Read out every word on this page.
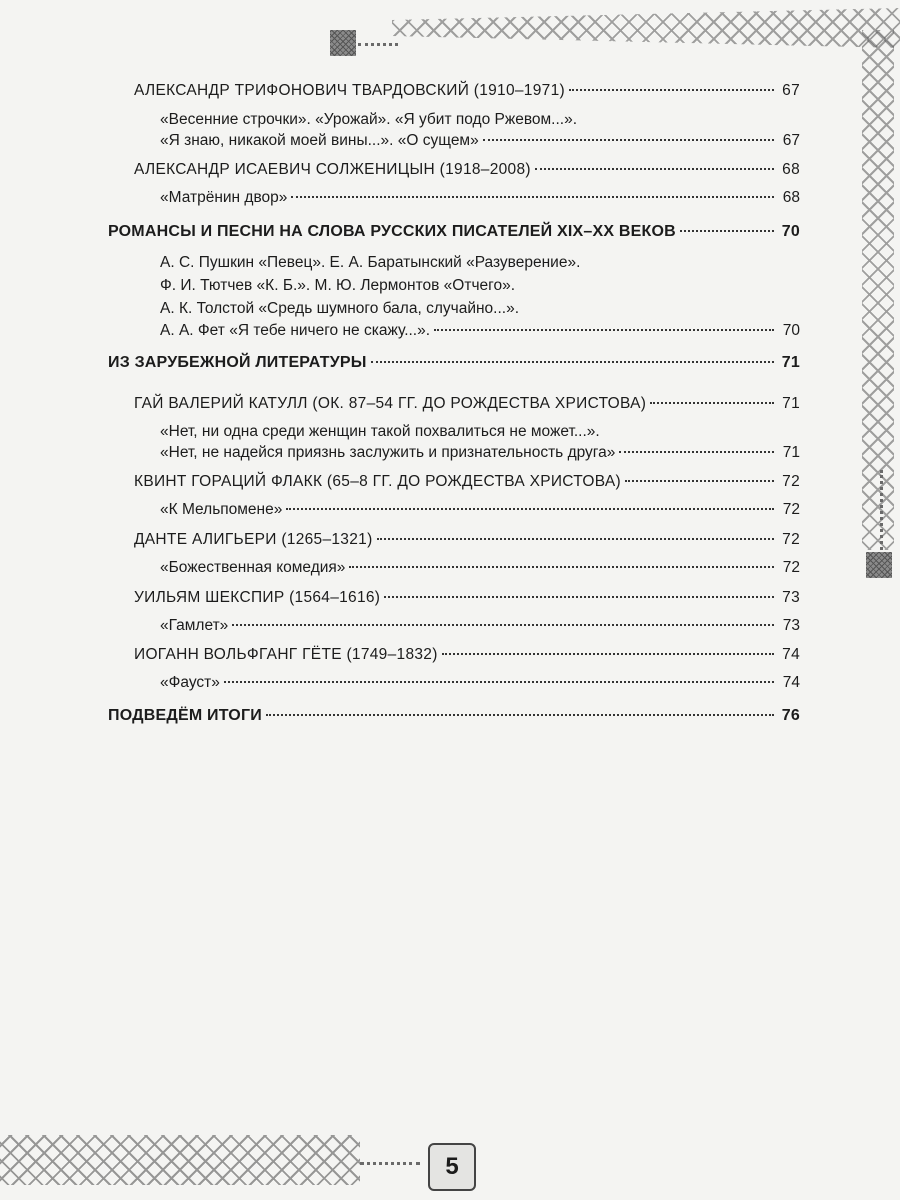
АЛЕКСАНДР ТРИФОНОВИЧ ТВАРДОВСКИЙ (1910–1971)	67
«Весенние строчки». «Урожай». «Я убит подо Ржевом...».
«Я знаю, никакой моей вины...». «О сущем»	67
АЛЕКСАНДР ИСАЕВИЧ СОЛЖЕНИЦЫН (1918–2008)	68
«Матрёнин двор»	68
РОМАНСЫ И ПЕСНИ НА СЛОВА РУССКИХ ПИСАТЕЛЕЙ XIX–XX ВЕКОВ	70
А. С. Пушкин «Певец». Е. А. Баратынский «Разуверение».
Ф. И. Тютчев «К. Б.». М. Ю. Лермонтов «Отчего».
А. К. Толстой «Средь шумного бала, случайно...».
А. А. Фет «Я тебе ничего не скажу...».	70
ИЗ ЗАРУБЕЖНОЙ ЛИТЕРАТУРЫ	71
ГАЙ ВАЛЕРИЙ КАТУЛЛ (ОК. 87–54 ГГ. ДО РОЖДЕСТВА ХРИСТОВА)	71
«Нет, ни одна среди женщин такой похвалиться не может...».
«Нет, не надейся приязнь заслужить и признательность друга»	71
КВИНТ ГОРАЦИЙ ФЛАКК (65–8 ГГ. ДО РОЖДЕСТВА ХРИСТОВА)	72
«К Мельпомене»	72
ДАНТЕ АЛИГЬЕРИ (1265–1321)	72
«Божественная комедия»	72
УИЛЬЯМ ШЕКСПИР (1564–1616)	73
«Гамлет»	73
ИОГАНН ВОЛЬФГАНГ ГЁТЕ (1749–1832)	74
«Фауст»	74
ПОДВЕДЁМ ИТОГИ	76
5
